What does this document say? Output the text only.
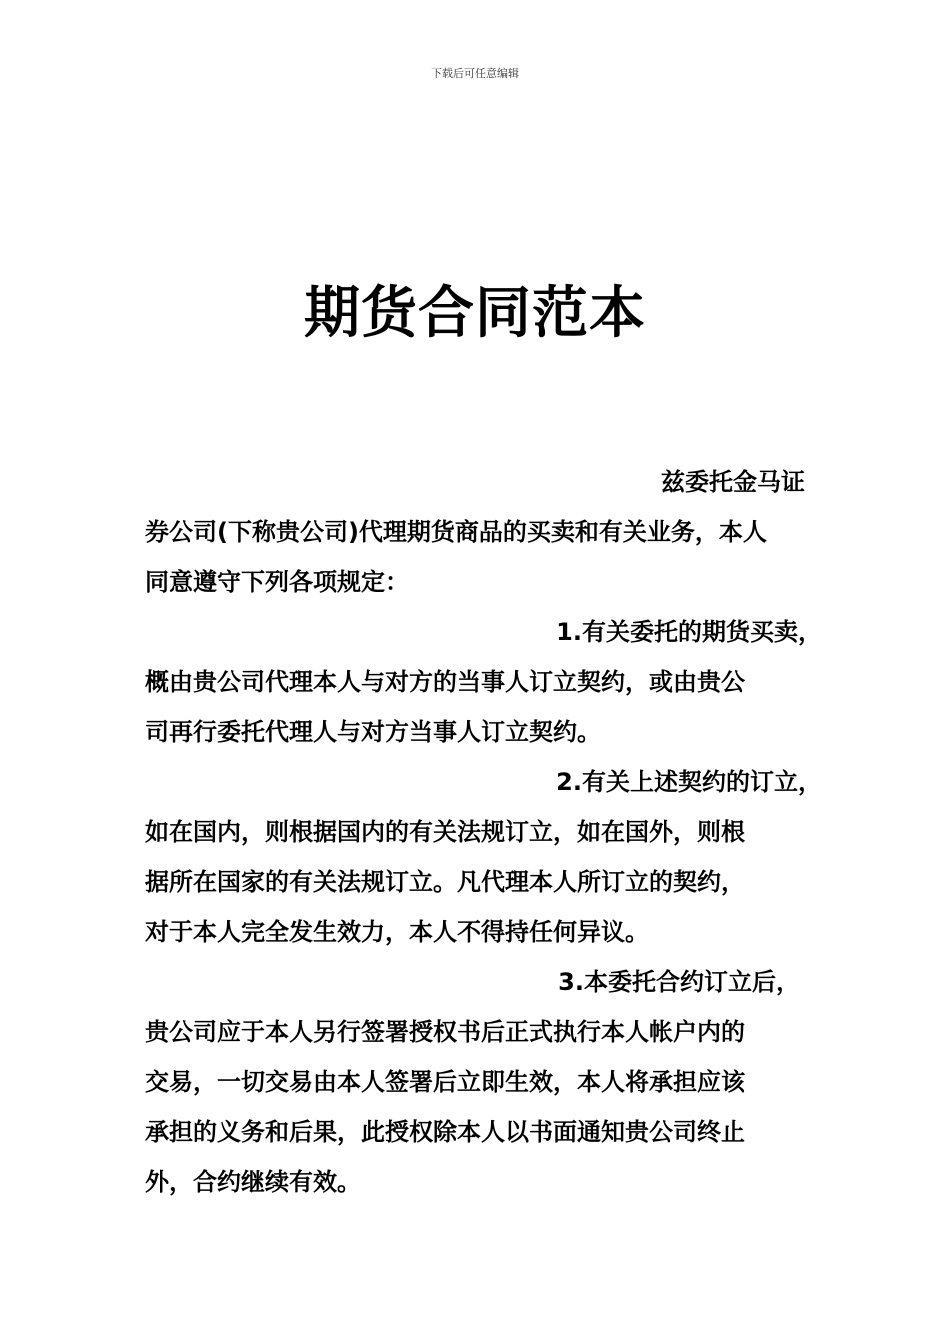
下载后可任意编辑
期货合同范本
兹委托金马证
券公司(下称贵公司)代理期货商品的买卖和有关业务，本人
同意遵守下列各项规定：
1.有关委托的期货买卖，
概由贵公司代理本人与对方的当事人订立契约，或由贵公
司再行委托代理人与对方当事人订立契约。
2.有关上述契约的订立，
如在国内，则根据国内的有关法规订立，如在国外，则根
据所在国家的有关法规订立。凡代理本人所订立的契约，
对于本人完全发生效力，本人不得持任何异议。
3.本委托合约订立后，
贵公司应于本人另行签署授权书后正式执行本人帐户内的
交易，一切交易由本人签署后立即生效，本人将承担应该
承担的义务和后果，此授权除本人以书面通知贵公司终止
外，合约继续有效。
